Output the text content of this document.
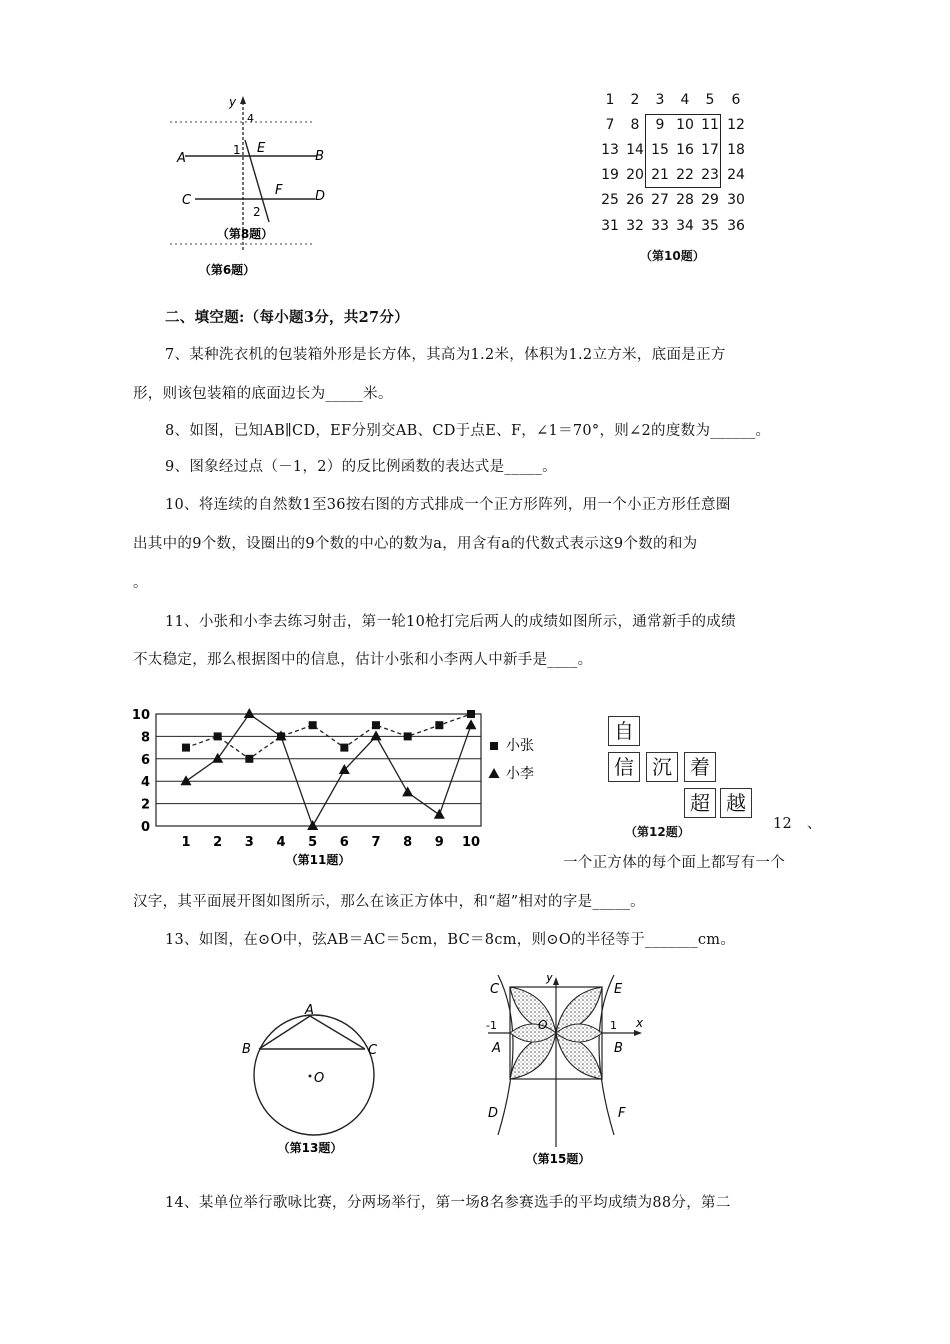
y
4
A	B
C	D
E
F
1
2
（第8题）
（第6题）
1	2	3	4	5	6
7	8	9 10 11 12
13 14 15 16 17 18
19 20 21 22 23 24
25 26 27 28 29 30
31 32 33 34 35 36
（第10题）
二、填空题:（每小题3分，共27分）
7、某种洗衣机的包装箱外形是长方体，其高为1.2米，体积为1.2立方米，底面是正方
形，则该包装箱的底面边长为_____米。
8、如图，已知AB∥CD，EF分别交AB、CD于点E、F，∠1＝70°，则∠2的度数为______。
9、图象经过点（－1，2）的反比例函数的表达式是_____。
10、将连续的自然数1至36按右图的方式排成一个正方形阵列，用一个小正方形任意圈
出其中的9个数，设圈出的9个数的中心的数为a，用含有a的代数式表示这9个数的和为
。
11、小张和小李去练习射击，第一轮10枪打完后两人的成绩如图所示，通常新手的成绩
不太稳定，那么根据图中的信息，估计小张和小李两人中新手是____。
0
2
4
6
8
10
1 2 3 4 5 6 7 8 9 10
小张
小李
（第11题）
自
信 沉 着
超 越
（第12题）	12　、
一个正方体的每个面上都写有一个
汉字，其平面展开图如图所示，那么在该正方体中，和“超”相对的字是_____。
13、如图，在⊙O中，弦AB＝AC＝5cm，BC＝8cm，则⊙O的半径等于_______cm。
A
B	C
O
（第13题）
y
x
C	E
-1	1
O
A	B
D	F
（第15题）
14、某单位举行歌咏比赛，分两场举行，第一场8名参赛选手的平均成绩为88分，第二
